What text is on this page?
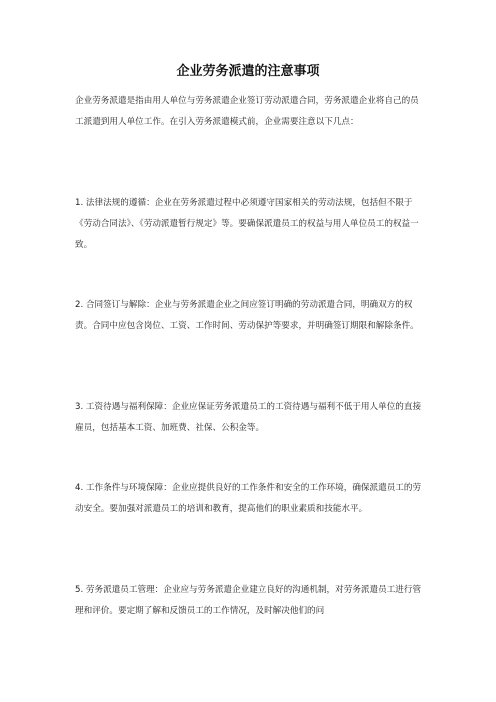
企业劳务派遣的注意事项

企业劳务派遣是指由用人单位与劳务派遣企业签订劳动派遣合同，劳务派遣企业将自己的员工派遣到用人单位工作。在引入劳务派遣模式前，企业需要注意以下几点：

1. 法律法规的遵循：企业在劳务派遣过程中必须遵守国家相关的劳动法规，包括但不限于《劳动合同法》、《劳动派遣暂行规定》等。要确保派遣员工的权益与用人单位员工的权益一致。

2. 合同签订与解除：企业与劳务派遣企业之间应签订明确的劳动派遣合同，明确双方的权责。合同中应包含岗位、工资、工作时间、劳动保护等要求，并明确签订期限和解除条件。

3. 工资待遇与福利保障：企业应保证劳务派遣员工的工资待遇与福利不低于用人单位的直接雇员，包括基本工资、加班费、社保、公积金等。

4. 工作条件与环境保障：企业应提供良好的工作条件和安全的工作环境，确保派遣员工的劳动安全。要加强对派遣员工的培训和教育，提高他们的职业素质和技能水平。

5. 劳务派遣员工管理：企业应与劳务派遣企业建立良好的沟通机制，对劳务派遣员工进行管理和评价。要定期了解和反馈员工的工作情况，及时解决他们的问
